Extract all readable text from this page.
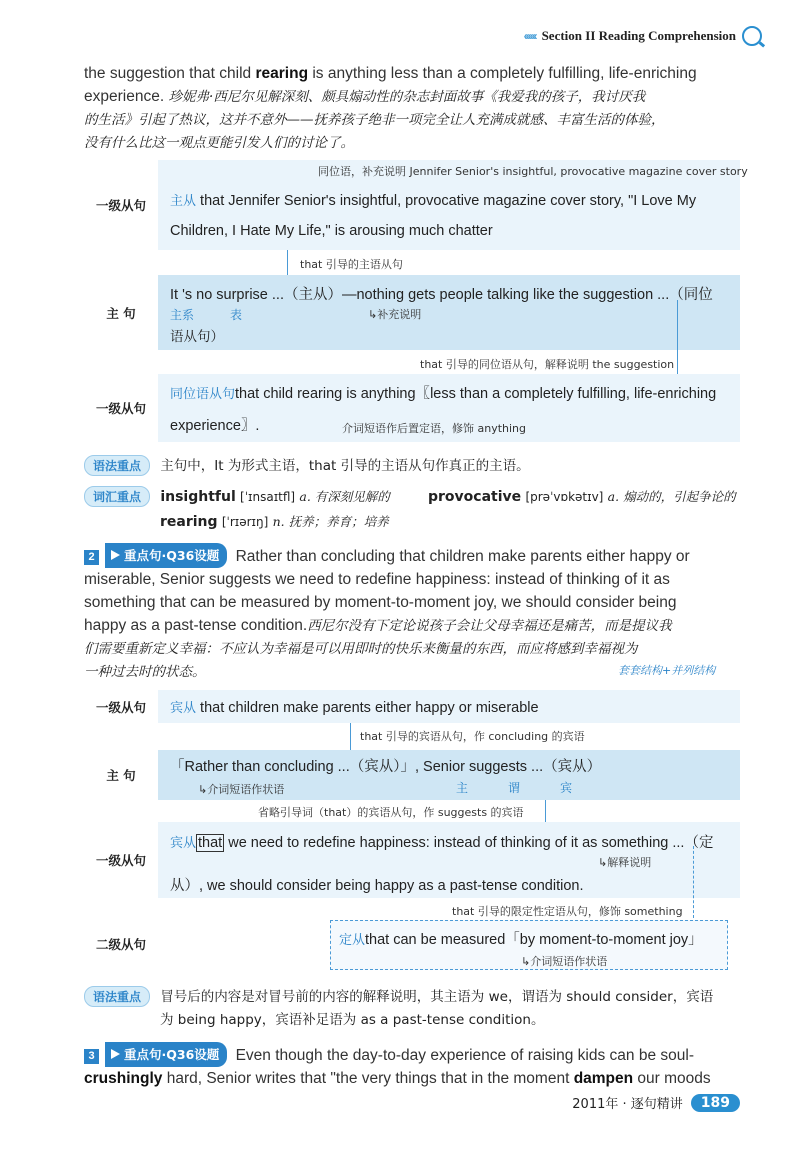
‹‹‹‹‹‹ Section II Reading Comprehension
the suggestion that child rearing is anything less than a completely fulfilling, life-enriching
experience. 珍妮弗·西尼尔见解深刻、颇具煽动性的杂志封面故事《我爱我的孩子，我讨厌我
的生活》引起了热议，这并不意外——抚养孩子绝非一项完全让人充满成就感、丰富生活的体验，
没有什么比这一观点更能引发人们的讨论了。
一级从句
同位语，补充说明 Jennifer Senior's insightful, provocative magazine cover story
主从 that Jennifer Senior's insightful, provocative magazine cover story, "I Love My
Children, I Hate My Life," is arousing much chatter
that 引导的主语从句
主 句
It 's no surprise ...（主从）—nothing gets people talking like the suggestion ...（同位
主系	表	↳补充说明
语从句）
that 引导的同位语从句，解释说明 the suggestion
一级从句
同位语从句that child rearing is anything〖less than a completely fulfilling, life-enriching
experience〗.	介词短语作后置定语，修饰 anything
语法重点 主句中，It 为形式主语，that 引导的主语从句作真正的主语。
词汇重点 insightful [ˈɪnsaɪtfl] a. 有深刻见解的	provocative [prəˈvɒkətɪv] a. 煽动的，引起争论的
rearing [ˈrɪərɪŋ] n. 抚养；养育；培养
2 重点句·Q36设题 Rather than concluding that children make parents either happy or
miserable, Senior suggests we need to redefine happiness: instead of thinking of it as
something that can be measured by moment-to-moment joy, we should consider being
happy as a past-tense condition.西尼尔没有下定论说孩子会让父母幸福还是痛苦，而是提议我
们需要重新定义幸福：不应认为幸福是可以用即时的快乐来衡量的东西，而应将感到幸福视为
一种过去时的状态。	套套结构+并列结构
一级从句	宾从 that children make parents either happy or miserable
that 引导的宾语从句，作 concluding 的宾语
主 句
「Rather than concluding ...（宾从）」, Senior suggests ...（宾从）
↳介词短语作状语	主	谓	宾
省略引导词（that）的宾语从句，作 suggests 的宾语
一级从句
宾从 that we need to redefine happiness: instead of thinking of it as something ...（定
↳解释说明
从）, we should consider being happy as a past-tense condition.
that 引导的限定性定语从句，修饰 something
二级从句	定从that can be measured「by moment-to-moment joy」
↳介词短语作状语
语法重点 冒号后的内容是对冒号前的内容的解释说明，其主语为 we，谓语为 should consider，宾语
为 being happy，宾语补足语为 as a past-tense condition。
3 重点句·Q36设题 Even though the day-to-day experience of raising kids can be soul-
crushingly hard, Senior writes that "the very things that in the moment dampen our moods
2011年 · 逐句精讲	189
